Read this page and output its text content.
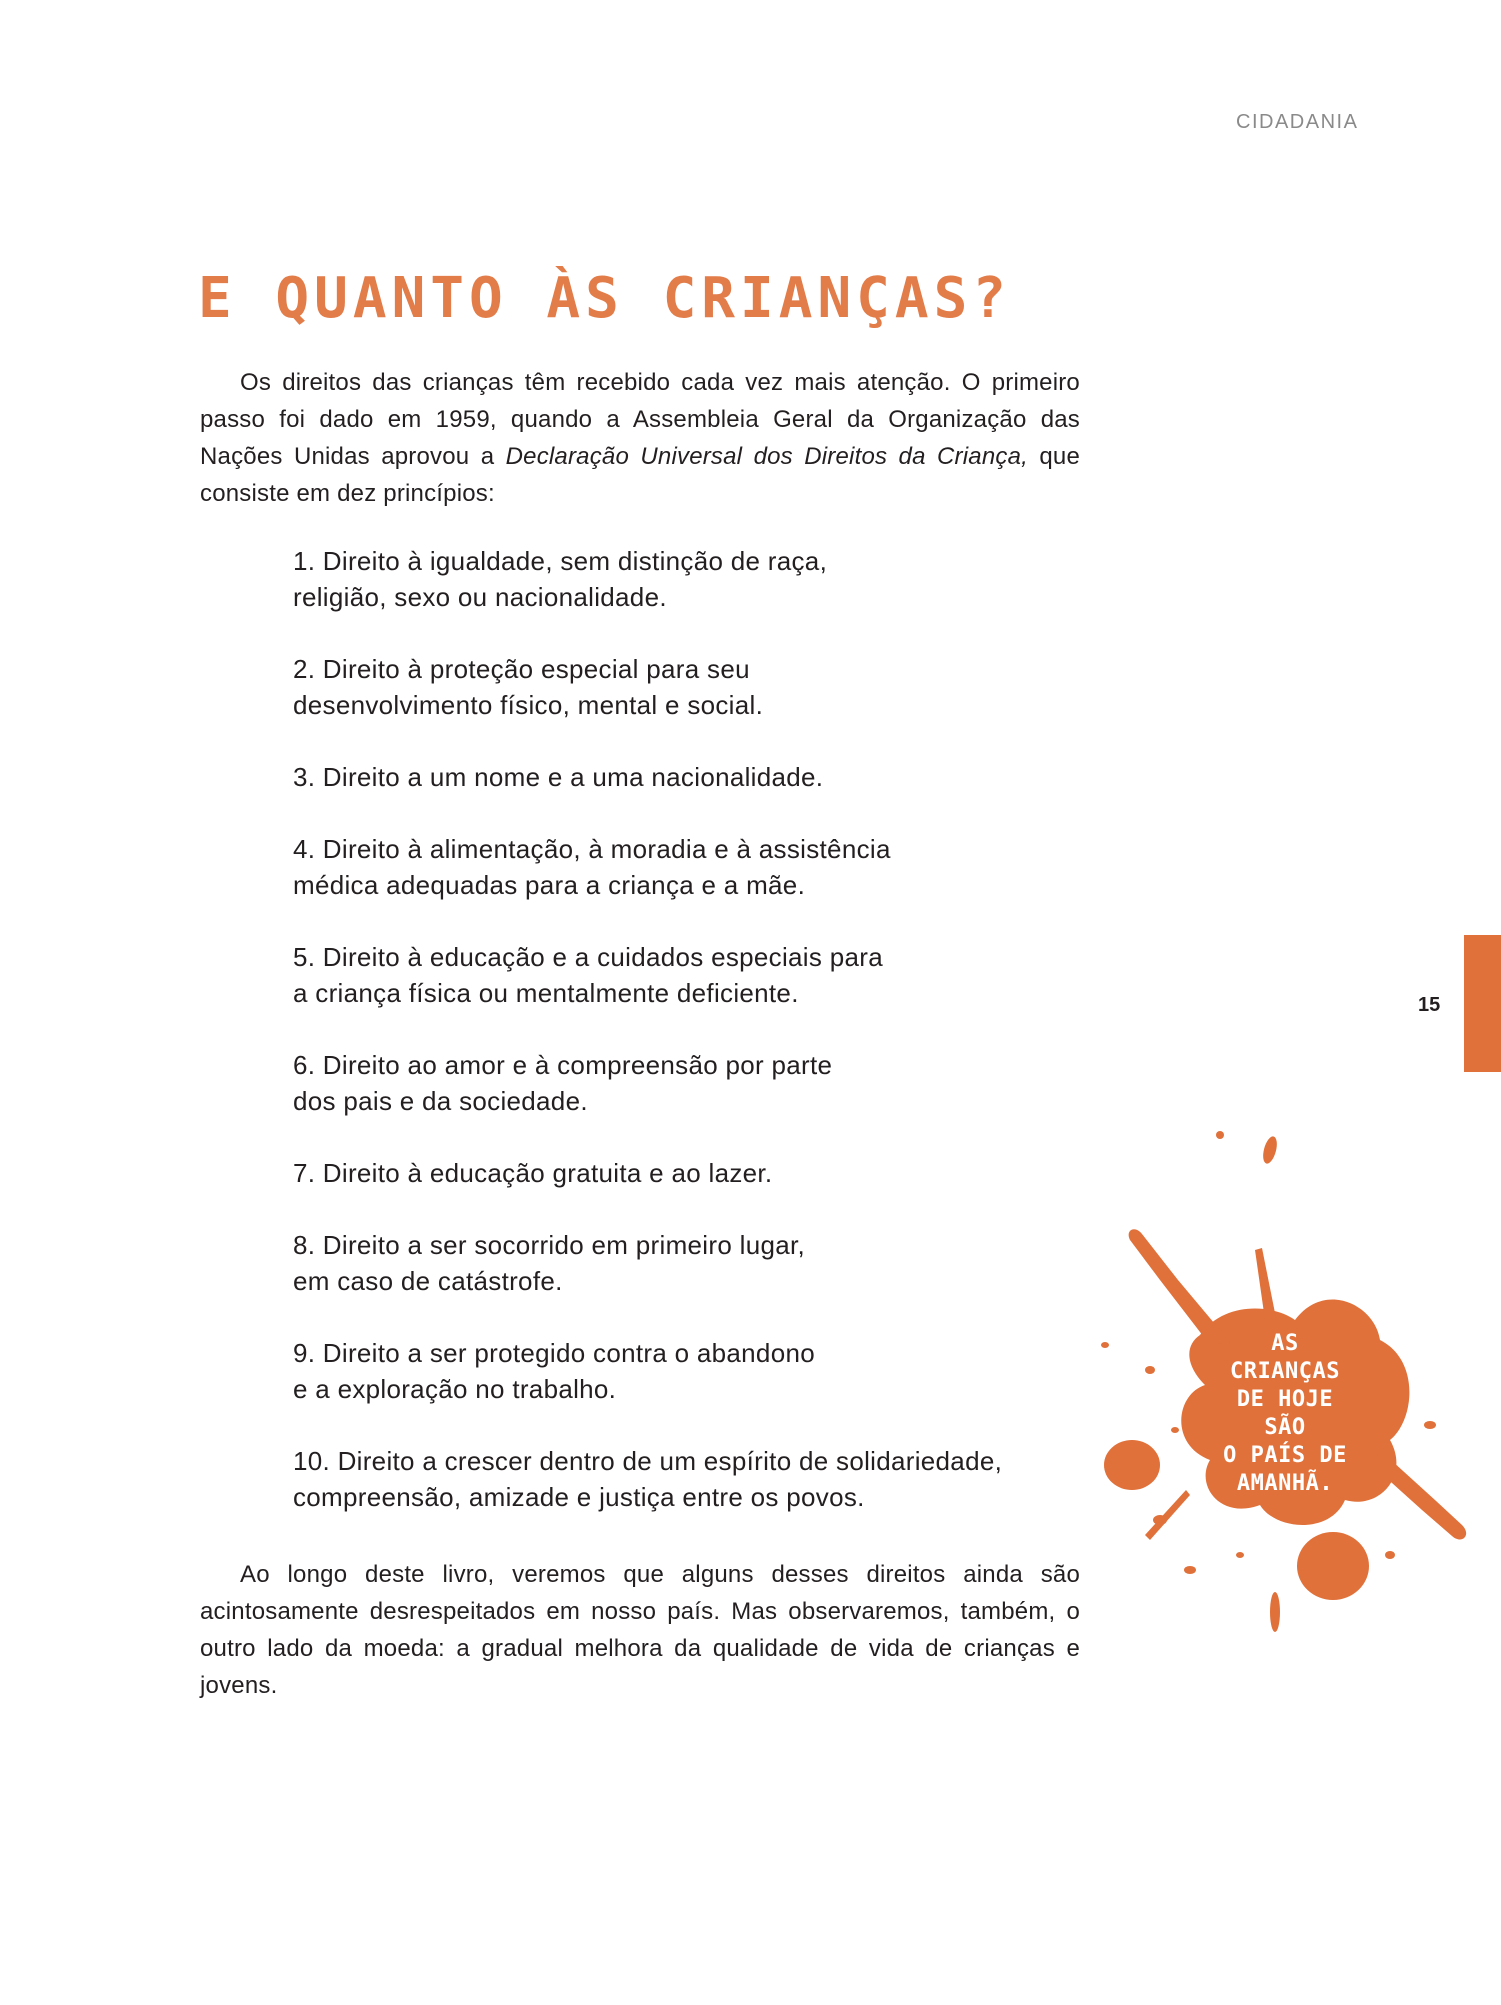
CIDADANIA
E QUANTO ÀS CRIANÇAS?

Os direitos das crianças têm recebido cada vez mais atenção. O primeiro passo foi dado em 1959, quando a Assembleia Geral da Organização das Nações Unidas aprovou a Declaração Universal dos Direitos da Criança, que consiste em dez princípios:

1. Direito à igualdade, sem distinção de raça,
religião, sexo ou nacionalidade.
2. Direito à proteção especial para seu
desenvolvimento físico, mental e social.
3. Direito a um nome e a uma nacionalidade.
4. Direito à alimentação, à moradia e à assistência
médica adequadas para a criança e a mãe.
5. Direito à educação e a cuidados especiais para
a criança física ou mentalmente deficiente.
6. Direito ao amor e à compreensão por parte
dos pais e da sociedade.
7. Direito à educação gratuita e ao lazer.
8. Direito a ser socorrido em primeiro lugar,
em caso de catástrofe.
9. Direito a ser protegido contra o abandono
e a exploração no trabalho.
10. Direito a crescer dentro de um espírito de solidariedade,
compreensão, amizade e justiça entre os povos.

Ao longo deste livro, veremos que alguns desses direitos ainda são acintosamente desrespeitados em nosso país. Mas observaremos, também, o outro lado da moeda: a gradual melhora da qualidade de vida de crianças e jovens.

15
AS CRIANÇAS
DE HOJE SÃO
O PAÍS DE
AMANHÃ.
